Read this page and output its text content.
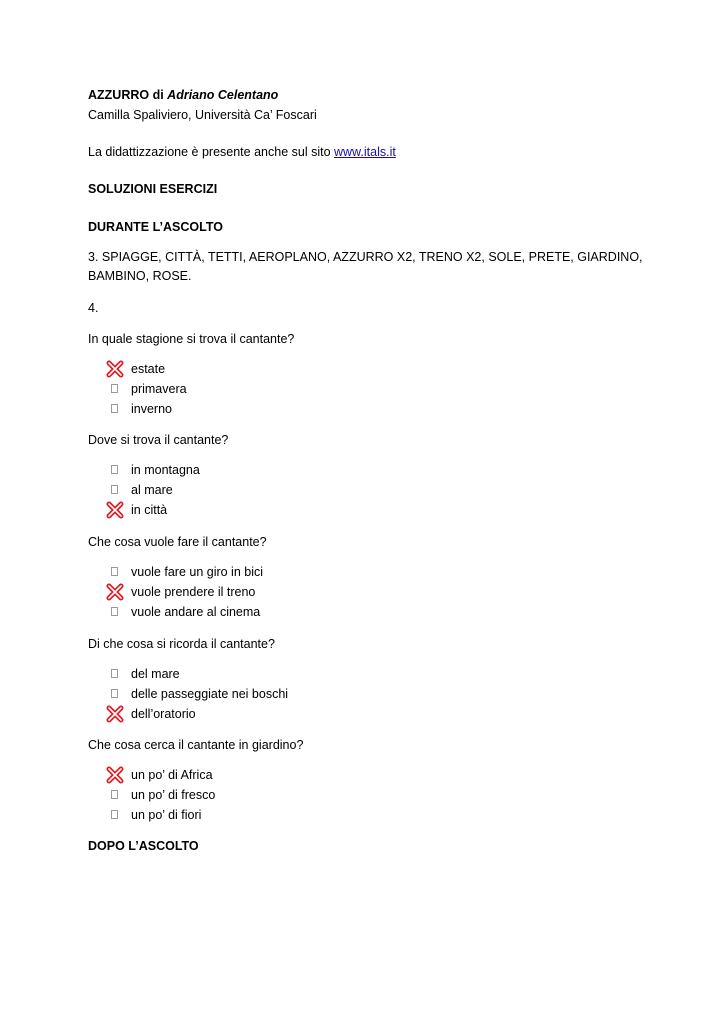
AZZURRO di Adriano Celentano
Camilla Spaliviero, Università Ca’ Foscari
La didattizzazione è presente anche sul sito www.itals.it
SOLUZIONI ESERCIZI
DURANTE L’ASCOLTO
3. SPIAGGE, CITTÀ, TETTI, AEROPLANO, AZZURRO X2, TRENO X2, SOLE, PRETE, GIARDINO, BAMBINO, ROSE.
4.
In quale stagione si trova il cantante?
estate
primavera
inverno
Dove si trova il cantante?
in montagna
al mare
in città
Che cosa vuole fare il cantante?
vuole fare un giro in bici
vuole prendere il treno
vuole andare al cinema
Di che cosa si ricorda il cantante?
del mare
delle passeggiate nei boschi
dell’oratorio
Che cosa cerca il cantante in giardino?
un po’ di Africa
un po’ di fresco
un po’ di fiori
DOPO L’ASCOLTO
